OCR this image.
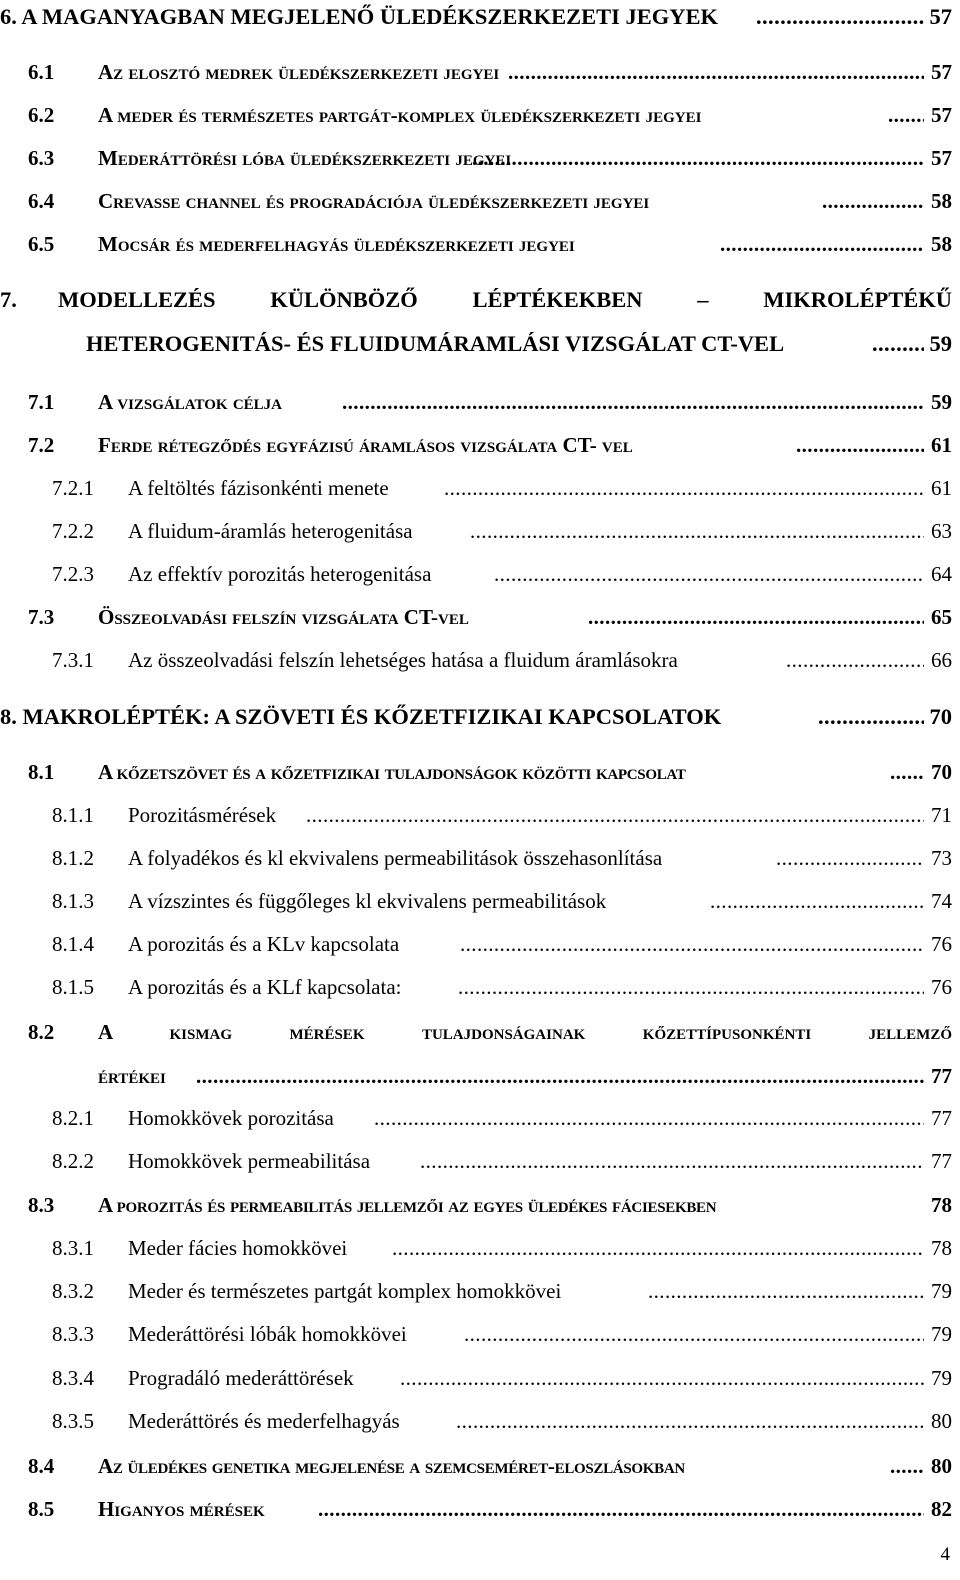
6. A MAGANYAGBAN MEGJELENŐ ÜLEDÉKSZERKEZETI JEGYEK .....	57
6.1 Az elosztó medrek üledékszerkezeti jegyei .....	57
6.2 A meder és természetes partgát-komplex üledékszerkezeti jegyei .....	57
6.3 Mederáttörési lóba üledékszerkezeti jegyei .....	57
6.4 Crevasse channel és progradációja üledékszerkezeti jegyei .....	58
6.5 Mocsár és mederfelhagyás üledékszerkezeti jegyei .....	58
7. MODELLEZÉS KÜLÖNBÖZŐ LÉPTÉKEKBEN – MIKROLÉPTÉKŰ
HETEROGENITÁS- ÉS FLUIDUMÁRAMLÁSI VIZSGÁLAT CT-VEL .....	59
7.1 A vizsgálatok célja .....	59
7.2 Ferde rétegződés egyfázisú áramlásos vizsgálata CT- vel .....	61
7.2.1 A feltöltés fázisonkénti menete .....	61
7.2.2 A fluidum-áramlás heterogenitása .....	63
7.2.3 Az effektív porozitás heterogenitása .....	64
7.3 Összeolvadási felszín vizsgálata CT-vel .....	65
7.3.1 Az összeolvadási felszín lehetséges hatása a fluidum áramlásokra .....	66
8. MAKROLÉPTÉK: A SZÖVETI ÉS KŐZETFIZIKAI KAPCSOLATOK .....	70
8.1 A kőzetszövet és a kőzetfizikai tulajdonságok közötti kapcsolat .....	70
8.1.1 Porozitásmérések .....	71
8.1.2 A folyadékos és kl ekvivalens permeabilitások összehasonlítása .....	73
8.1.3 A vízszintes és függőleges kl ekvivalens permeabilitások .....	74
8.1.4 A porozitás és a KLv kapcsolata .....	76
8.1.5 A porozitás és a KLf kapcsolata: .....	76
8.2 A kismag mérések tulajdonságainak kőzettípusonkénti jellemző
értékei .....	77
8.2.1 Homokkövek porozitása .....	77
8.2.2 Homokkövek permeabilitása .....	77
8.3 A porozitás és permeabilitás jellemzői az egyes üledékes fáciesekben	78
8.3.1 Meder fácies homokkövei .....	78
8.3.2 Meder és természetes partgát komplex homokkövei .....	79
8.3.3 Mederáttörési lóbák homokkövei .....	79
8.3.4 Progradáló mederáttörések .....	79
8.3.5 Mederáttörés és mederfelhagyás .....	80
8.4 Az üledékes genetika megjelenése a szemcseméret-eloszlásokban .....	80
8.5 Higanyos mérések .....	82
4
